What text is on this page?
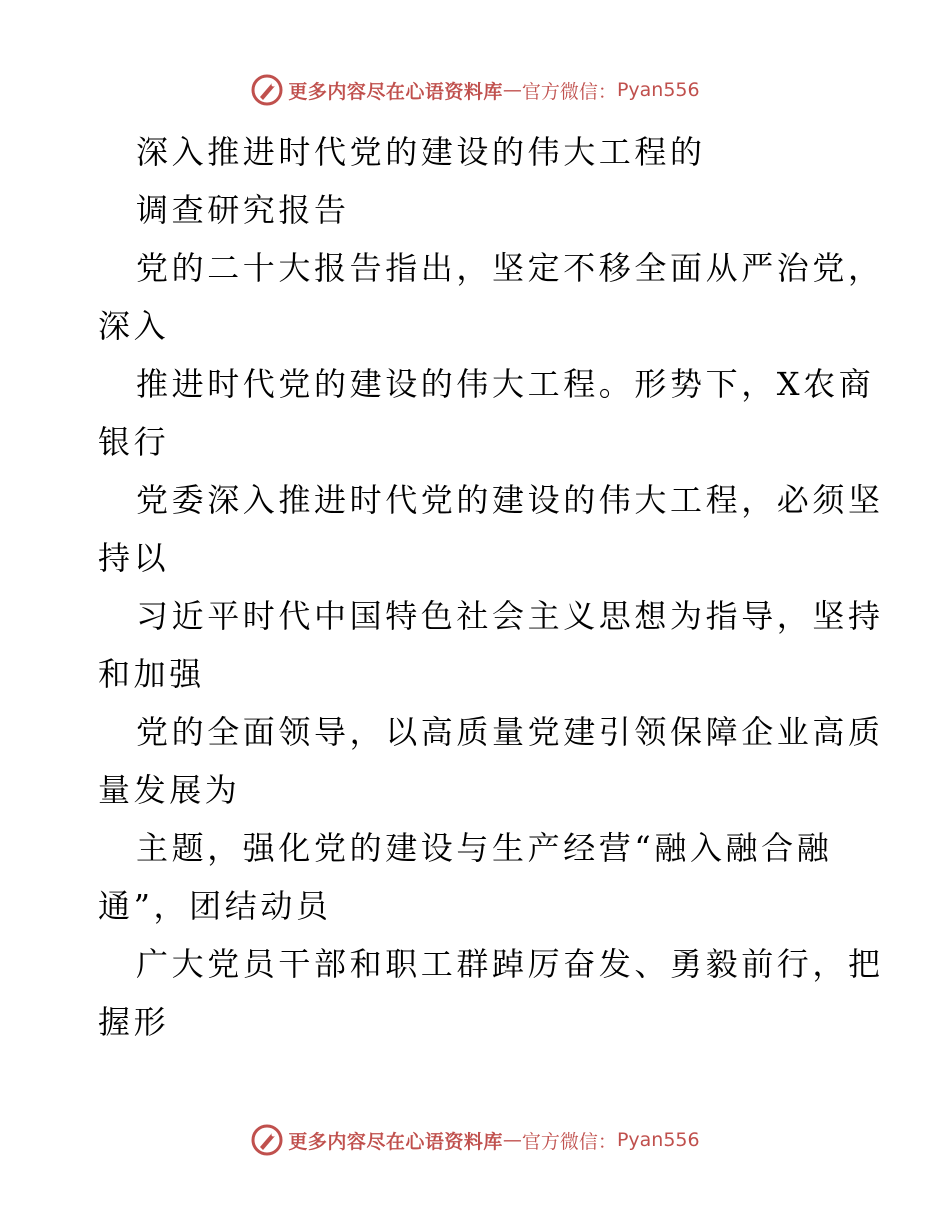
更多内容尽在心语资料库 — 官方微信： Pyan556
深入推进时代党的建设的伟大工程的
调查研究报告
党的二十大报告指出，坚定不移全面从严治党，
深入
推进时代党的建设的伟大工程。形势下，X农商
银行
党委深入推进时代党的建设的伟大工程，必须坚
持以
习近平时代中国特色社会主义思想为指导，坚持
和加强
党的全面领导，以高质量党建引领保障企业高质
量发展为
主题，强化党的建设与生产经营“融入融合融
通”，团结动员
广大党员干部和职工群踔厉奋发、勇毅前行，把
握形
更多内容尽在心语资料库 — 官方微信： Pyan556
